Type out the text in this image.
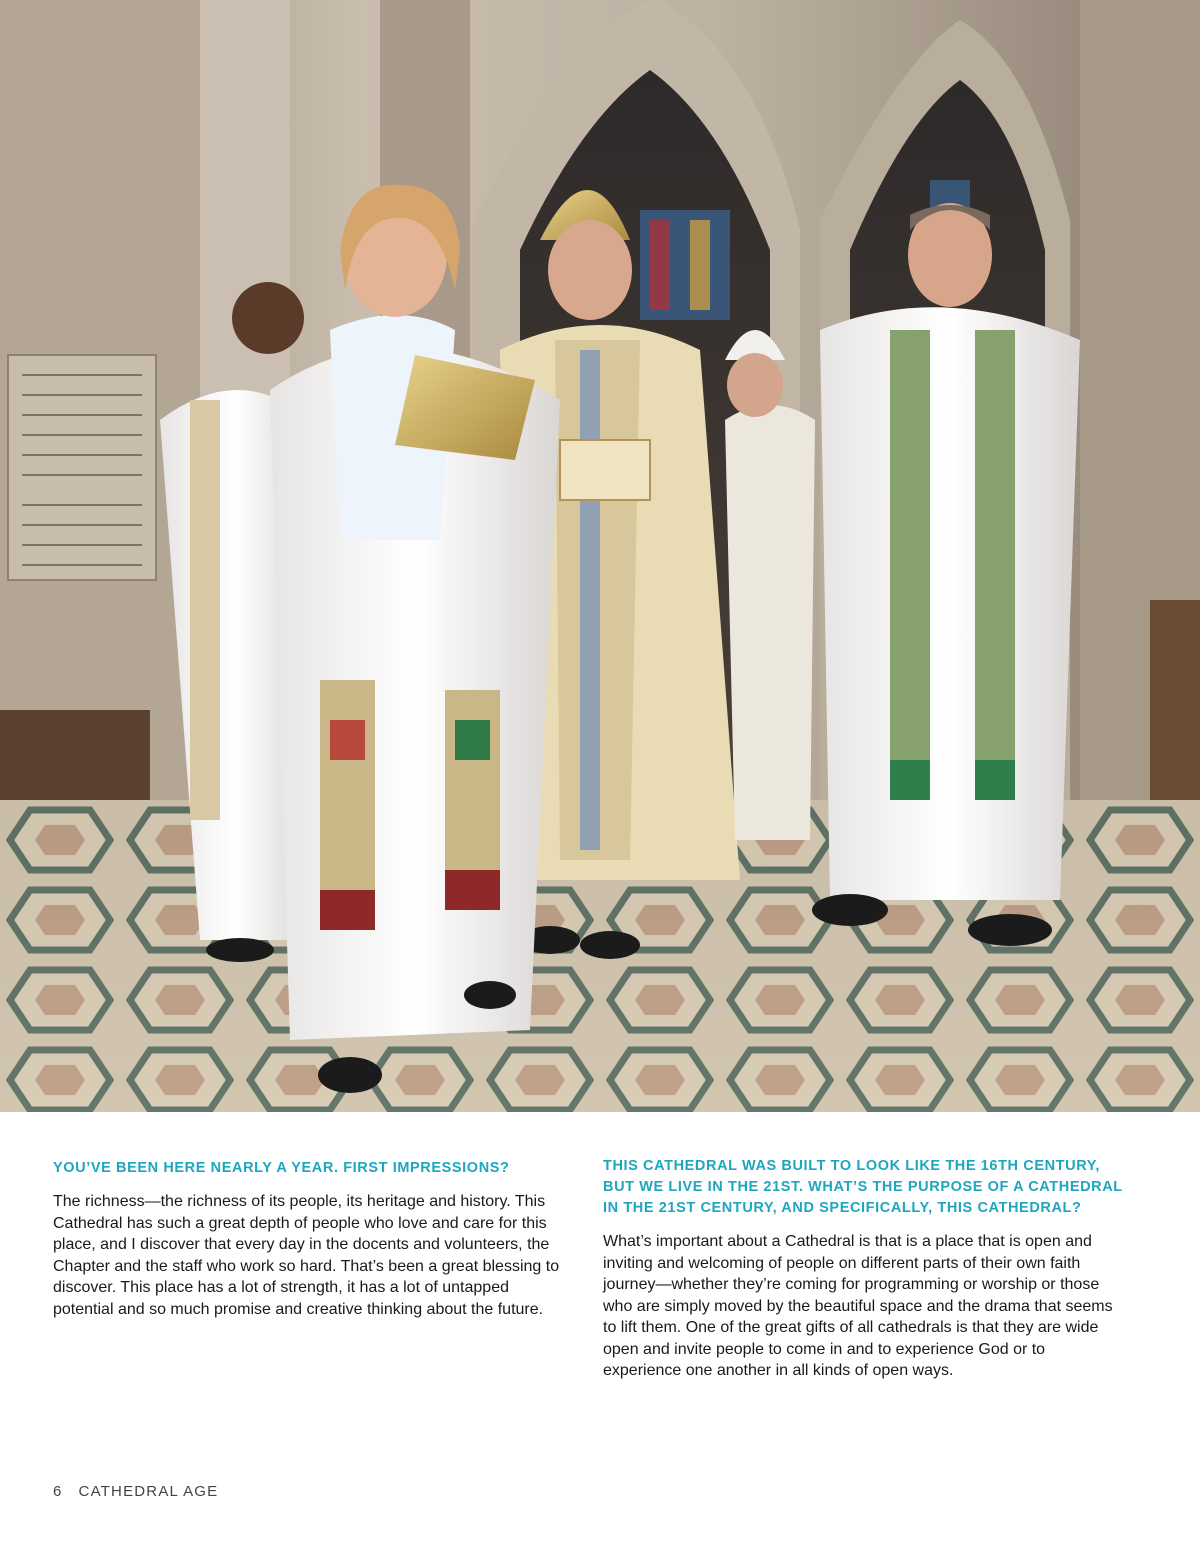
YOU’VE BEEN HERE NEARLY A YEAR. FIRST IMPRESSIONS?

The richness—the richness of its people, its heritage and history. This Cathedral has such a great depth of people who love and care for this place, and I discover that every day in the docents and volunteers, the Chapter and the staff who work so hard. That’s been a great blessing to discover. This place has a lot of strength, it has a lot of untapped potential and so much promise and creative thinking about the future.

THIS CATHEDRAL WAS BUILT TO LOOK LIKE THE 16TH CENTURY, BUT WE LIVE IN THE 21ST. WHAT’S THE PURPOSE OF A CATHEDRAL IN THE 21ST CENTURY, AND SPECIFICALLY, THIS CATHEDRAL?

What’s important about a Cathedral is that is a place that is open and inviting and welcoming of people on different parts of their own faith journey—whether they’re coming for programming or worship or those who are simply moved by the beautiful space and the drama that seems to lift them. One of the great gifts of all cathedrals is that they are wide open and invite people to come in and to experience God or to experience one another in all kinds of open ways.

6 CATHEDRAL AGE
